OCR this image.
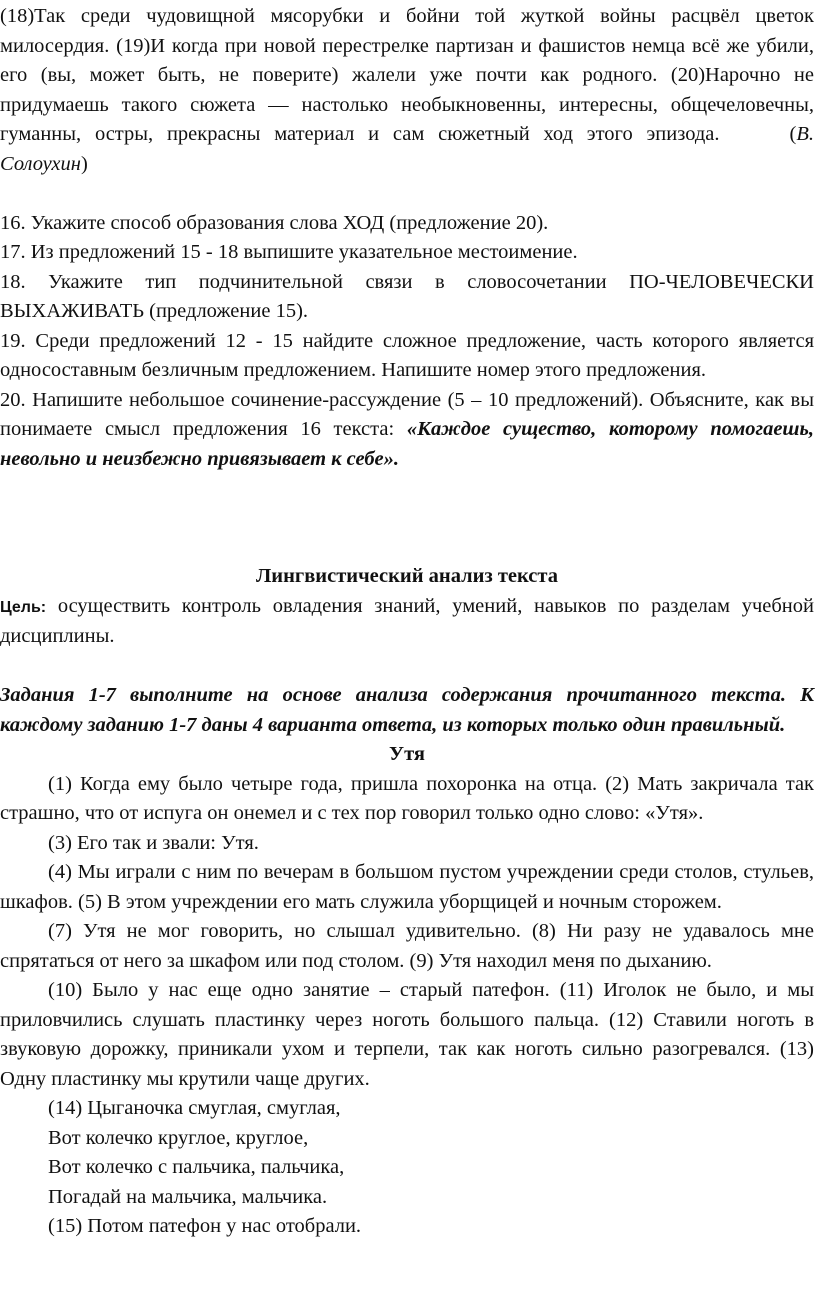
(18)Так среди чудовищной мясорубки и бойни той жуткой войны расцвёл цветок милосердия. (19)И когда при новой перестрелке партизан и фашистов немца всё же убили, его (вы, может быть, не поверите) жалели уже почти как родного. (20)Нарочно не придумаешь такого сюжета — настолько необыкновенны, интересны, общечеловечны, гуманны, остры, прекрасны материал и сам сюжетный ход этого эпизода.	(В. Солоухин)

16. Укажите способ образования слова ХОД (предложение 20).

17. Из предложений 15 - 18 выпишите указательное местоимение.

18. Укажите тип подчинительной связи в словосочетании ПО-ЧЕЛОВЕЧЕСКИ ВЫХАЖИВАТЬ (предложение 15).

19. Среди предложений 12 - 15 найдите сложное предложение, часть которого является односоставным безличным предложением. Напишите номер этого предложения.

20. Напишите небольшое сочинение-рассуждение (5 – 10 предложений). Объясните, как вы понимаете смысл предложения 16 текста: «Каждое существо, которому помогаешь, невольно и неизбежно привязывает к себе».

Лингвистический анализ текста

Цель: осуществить контроль овладения знаний, умений, навыков по разделам учебной дисциплины.

Задания 1-7 выполните на основе анализа содержания прочитанного текста. К каждому заданию 1-7 даны 4 варианта ответа, из которых только один правильный.

Утя

(1) Когда ему было четыре года, пришла похоронка на отца. (2) Мать закричала так страшно, что от испуга он онемел и с тех пор говорил только одно слово: «Утя».

(3) Его так и звали: Утя.

(4) Мы играли с ним по вечерам в большом пустом учреждении среди столов, стульев, шкафов. (5) В этом учреждении его мать служила уборщицей и ночным сторожем.

(7) Утя не мог говорить, но слышал удивительно. (8) Ни разу не удавалось мне спрятаться от него за шкафом или под столом. (9) Утя находил меня по дыханию.

(10) Было у нас еще одно занятие – старый патефон. (11) Иголок не было, и мы приловчились слушать пластинку через ноготь большого пальца. (12) Ставили ноготь в звуковую дорожку, приникали ухом и терпели, так как ноготь сильно разогревался. (13) Одну пластинку мы крутили чаще других.

(14) Цыганочка смуглая, смуглая,

Вот колечко круглое, круглое,

Вот колечко с пальчика, пальчика,

Погадай на мальчика, мальчика.

(15) Потом патефон у нас отобрали.
